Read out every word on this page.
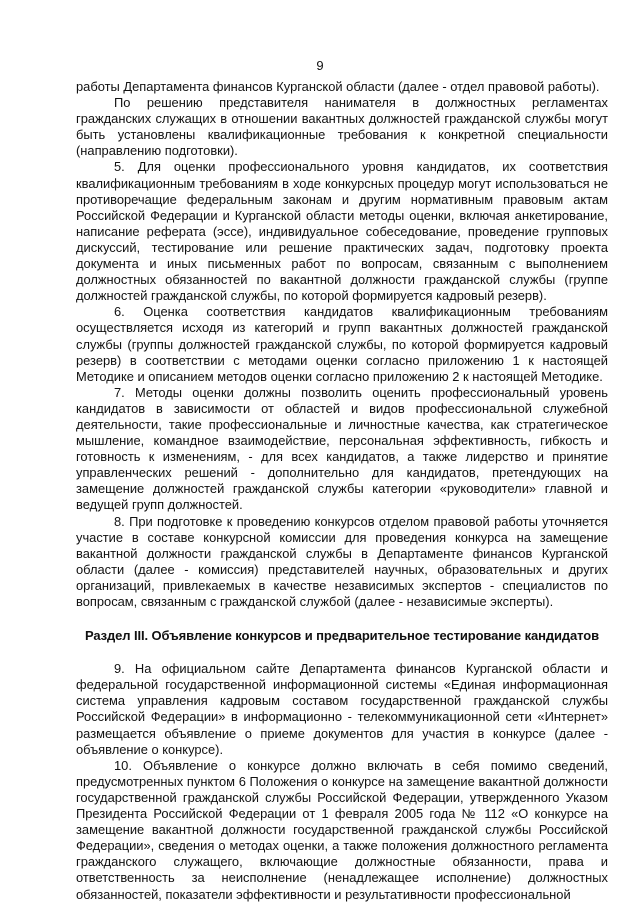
9

работы Департамента финансов Курганской области (далее - отдел правовой работы).

По решению представителя нанимателя в должностных регламентах гражданских служащих в отношении вакантных должностей гражданской службы могут быть установлены квалификационные требования к конкретной специальности (направлению подготовки).

5. Для оценки профессионального уровня кандидатов, их соответствия квалификационным требованиям в ходе конкурсных процедур могут использоваться не противоречащие федеральным законам и другим нормативным правовым актам Российской Федерации и Курганской области методы оценки, включая анкетирование, написание реферата (эссе), индивидуальное собеседование, проведение групповых дискуссий, тестирование или решение практических задач, подготовку проекта документа и иных письменных работ по вопросам, связанным с выполнением должностных обязанностей по вакантной должности гражданской службы (группе должностей гражданской службы, по которой формируется кадровый резерв).

6. Оценка соответствия кандидатов квалификационным требованиям осуществляется исходя из категорий и групп вакантных должностей гражданской службы (группы должностей гражданской службы, по которой формируется кадровый резерв) в соответствии с методами оценки согласно приложению 1 к настоящей Методике и описанием методов оценки согласно приложению 2 к настоящей Методике.

7. Методы оценки должны позволить оценить профессиональный уровень кандидатов в зависимости от областей и видов профессиональной служебной деятельности, такие профессиональные и личностные качества, как стратегическое мышление, командное взаимодействие, персональная эффективность, гибкость и готовность к изменениям, - для всех кандидатов, а также лидерство и принятие управленческих решений - дополнительно для кандидатов, претендующих на замещение должностей гражданской службы категории «руководители» главной и ведущей групп должностей.

8. При подготовке к проведению конкурсов отделом правовой работы уточняется участие в составе конкурсной комиссии для проведения конкурса на замещение вакантной должности гражданской службы в Департаменте финансов Курганской области (далее - комиссия) представителей научных, образовательных и других организаций, привлекаемых в качестве независимых экспертов - специалистов по вопросам, связанным с гражданской службой (далее - независимые эксперты).

Раздел III. Объявление конкурсов и предварительное тестирование кандидатов

9. На официальном сайте Департамента финансов Курганской области и федеральной государственной информационной системы «Единая информационная система управления кадровым составом государственной гражданской службы Российской Федерации» в информационно - телекоммуникационной сети «Интернет» размещается объявление о приеме документов для участия в конкурсе (далее - объявление о конкурсе).

10. Объявление о конкурсе должно включать в себя помимо сведений, предусмотренных пунктом 6 Положения о конкурсе на замещение вакантной должности государственной гражданской службы Российской Федерации, утвержденного Указом Президента Российской Федерации от 1 февраля 2005 года № 112 «О конкурсе на замещение вакантной должности государственной гражданской службы Российской Федерации», сведения о методах оценки, а также положения должностного регламента гражданского служащего, включающие должностные обязанности, права и ответственность за неисполнение (ненадлежащее исполнение) должностных обязанностей, показатели эффективности и результативности профессиональной
